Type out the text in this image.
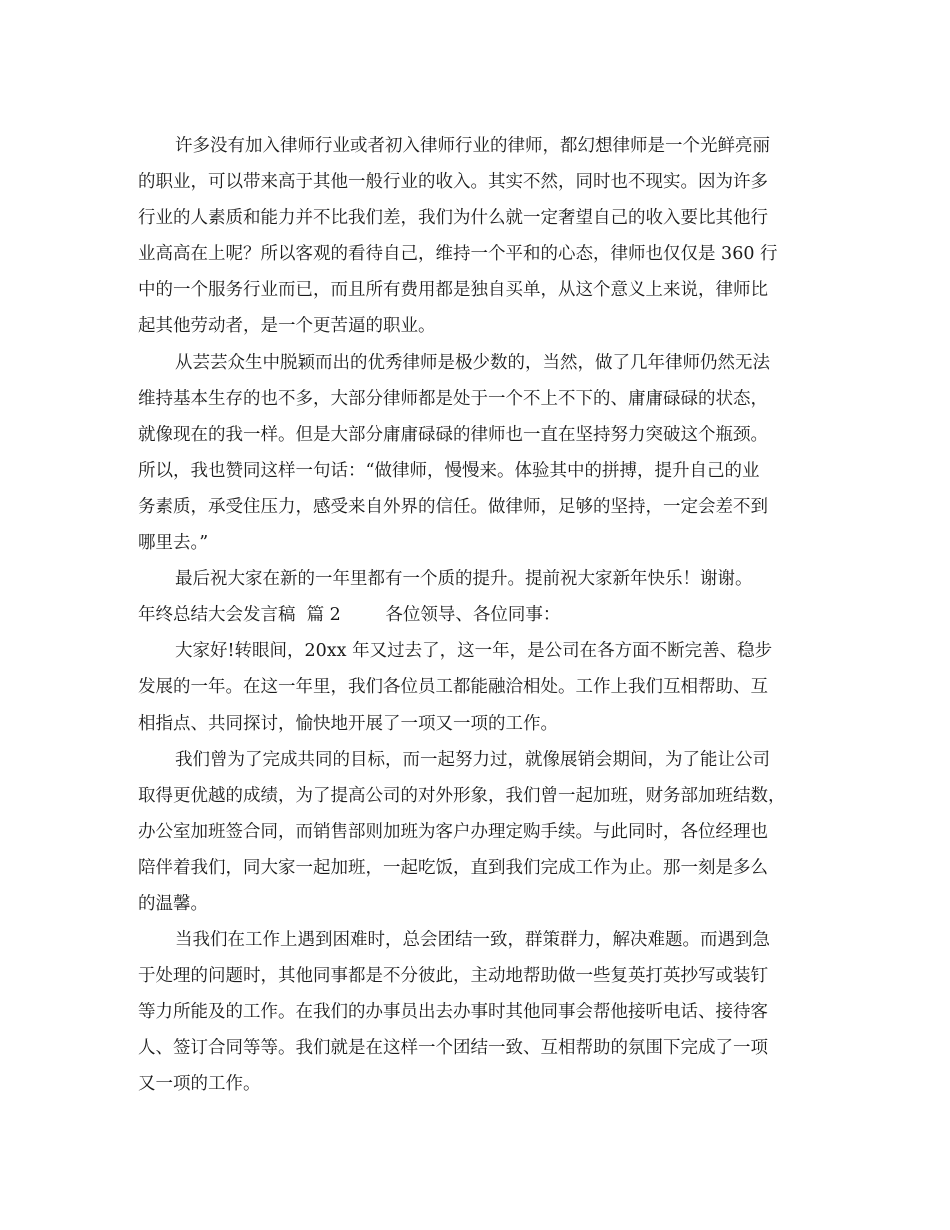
许多没有加入律师行业或者初入律师行业的律师，都幻想律师是一个光鲜亮丽
的职业，可以带来高于其他一般行业的收入。其实不然，同时也不现实。因为许多
行业的人素质和能力并不比我们差，我们为什么就一定奢望自己的收入要比其他行
业高高在上呢？所以客观的看待自己，维持一个平和的心态，律师也仅仅是 360 行
中的一个服务行业而已，而且所有费用都是独自买单，从这个意义上来说，律师比
起其他劳动者，是一个更苦逼的职业。
从芸芸众生中脱颖而出的优秀律师是极少数的，当然，做了几年律师仍然无法
维持基本生存的也不多，大部分律师都是处于一个不上不下的、庸庸碌碌的状态，
就像现在的我一样。但是大部分庸庸碌碌的律师也一直在坚持努力突破这个瓶颈。
所以，我也赞同这样一句话：“做律师，慢慢来。体验其中的拼搏，提升自己的业
务素质，承受住压力，感受来自外界的信任。做律师，足够的坚持，一定会差不到
哪里去。”
最后祝大家在新的一年里都有一个质的提升。提前祝大家新年快乐！谢谢。
年终总结大会发言稿  篇 2        各位领导、各位同事：
大家好!转眼间，20xx 年又过去了，这一年，是公司在各方面不断完善、稳步
发展的一年。在这一年里，我们各位员工都能融洽相处。工作上我们互相帮助、互
相指点、共同探讨，愉快地开展了一项又一项的工作。
我们曾为了完成共同的目标，而一起努力过，就像展销会期间，为了能让公司
取得更优越的成绩，为了提高公司的对外形象，我们曾一起加班，财务部加班结数，
办公室加班签合同，而销售部则加班为客户办理定购手续。与此同时，各位经理也
陪伴着我们，同大家一起加班，一起吃饭，直到我们完成工作为止。那一刻是多么
的温馨。
当我们在工作上遇到困难时，总会团结一致，群策群力，解决难题。而遇到急
于处理的问题时，其他同事都是不分彼此，主动地帮助做一些复英打英抄写或装钉
等力所能及的工作。在我们的办事员出去办事时其他同事会帮他接听电话、接待客
人、签订合同等等。我们就是在这样一个团结一致、互相帮助的氛围下完成了一项
又一项的工作。
